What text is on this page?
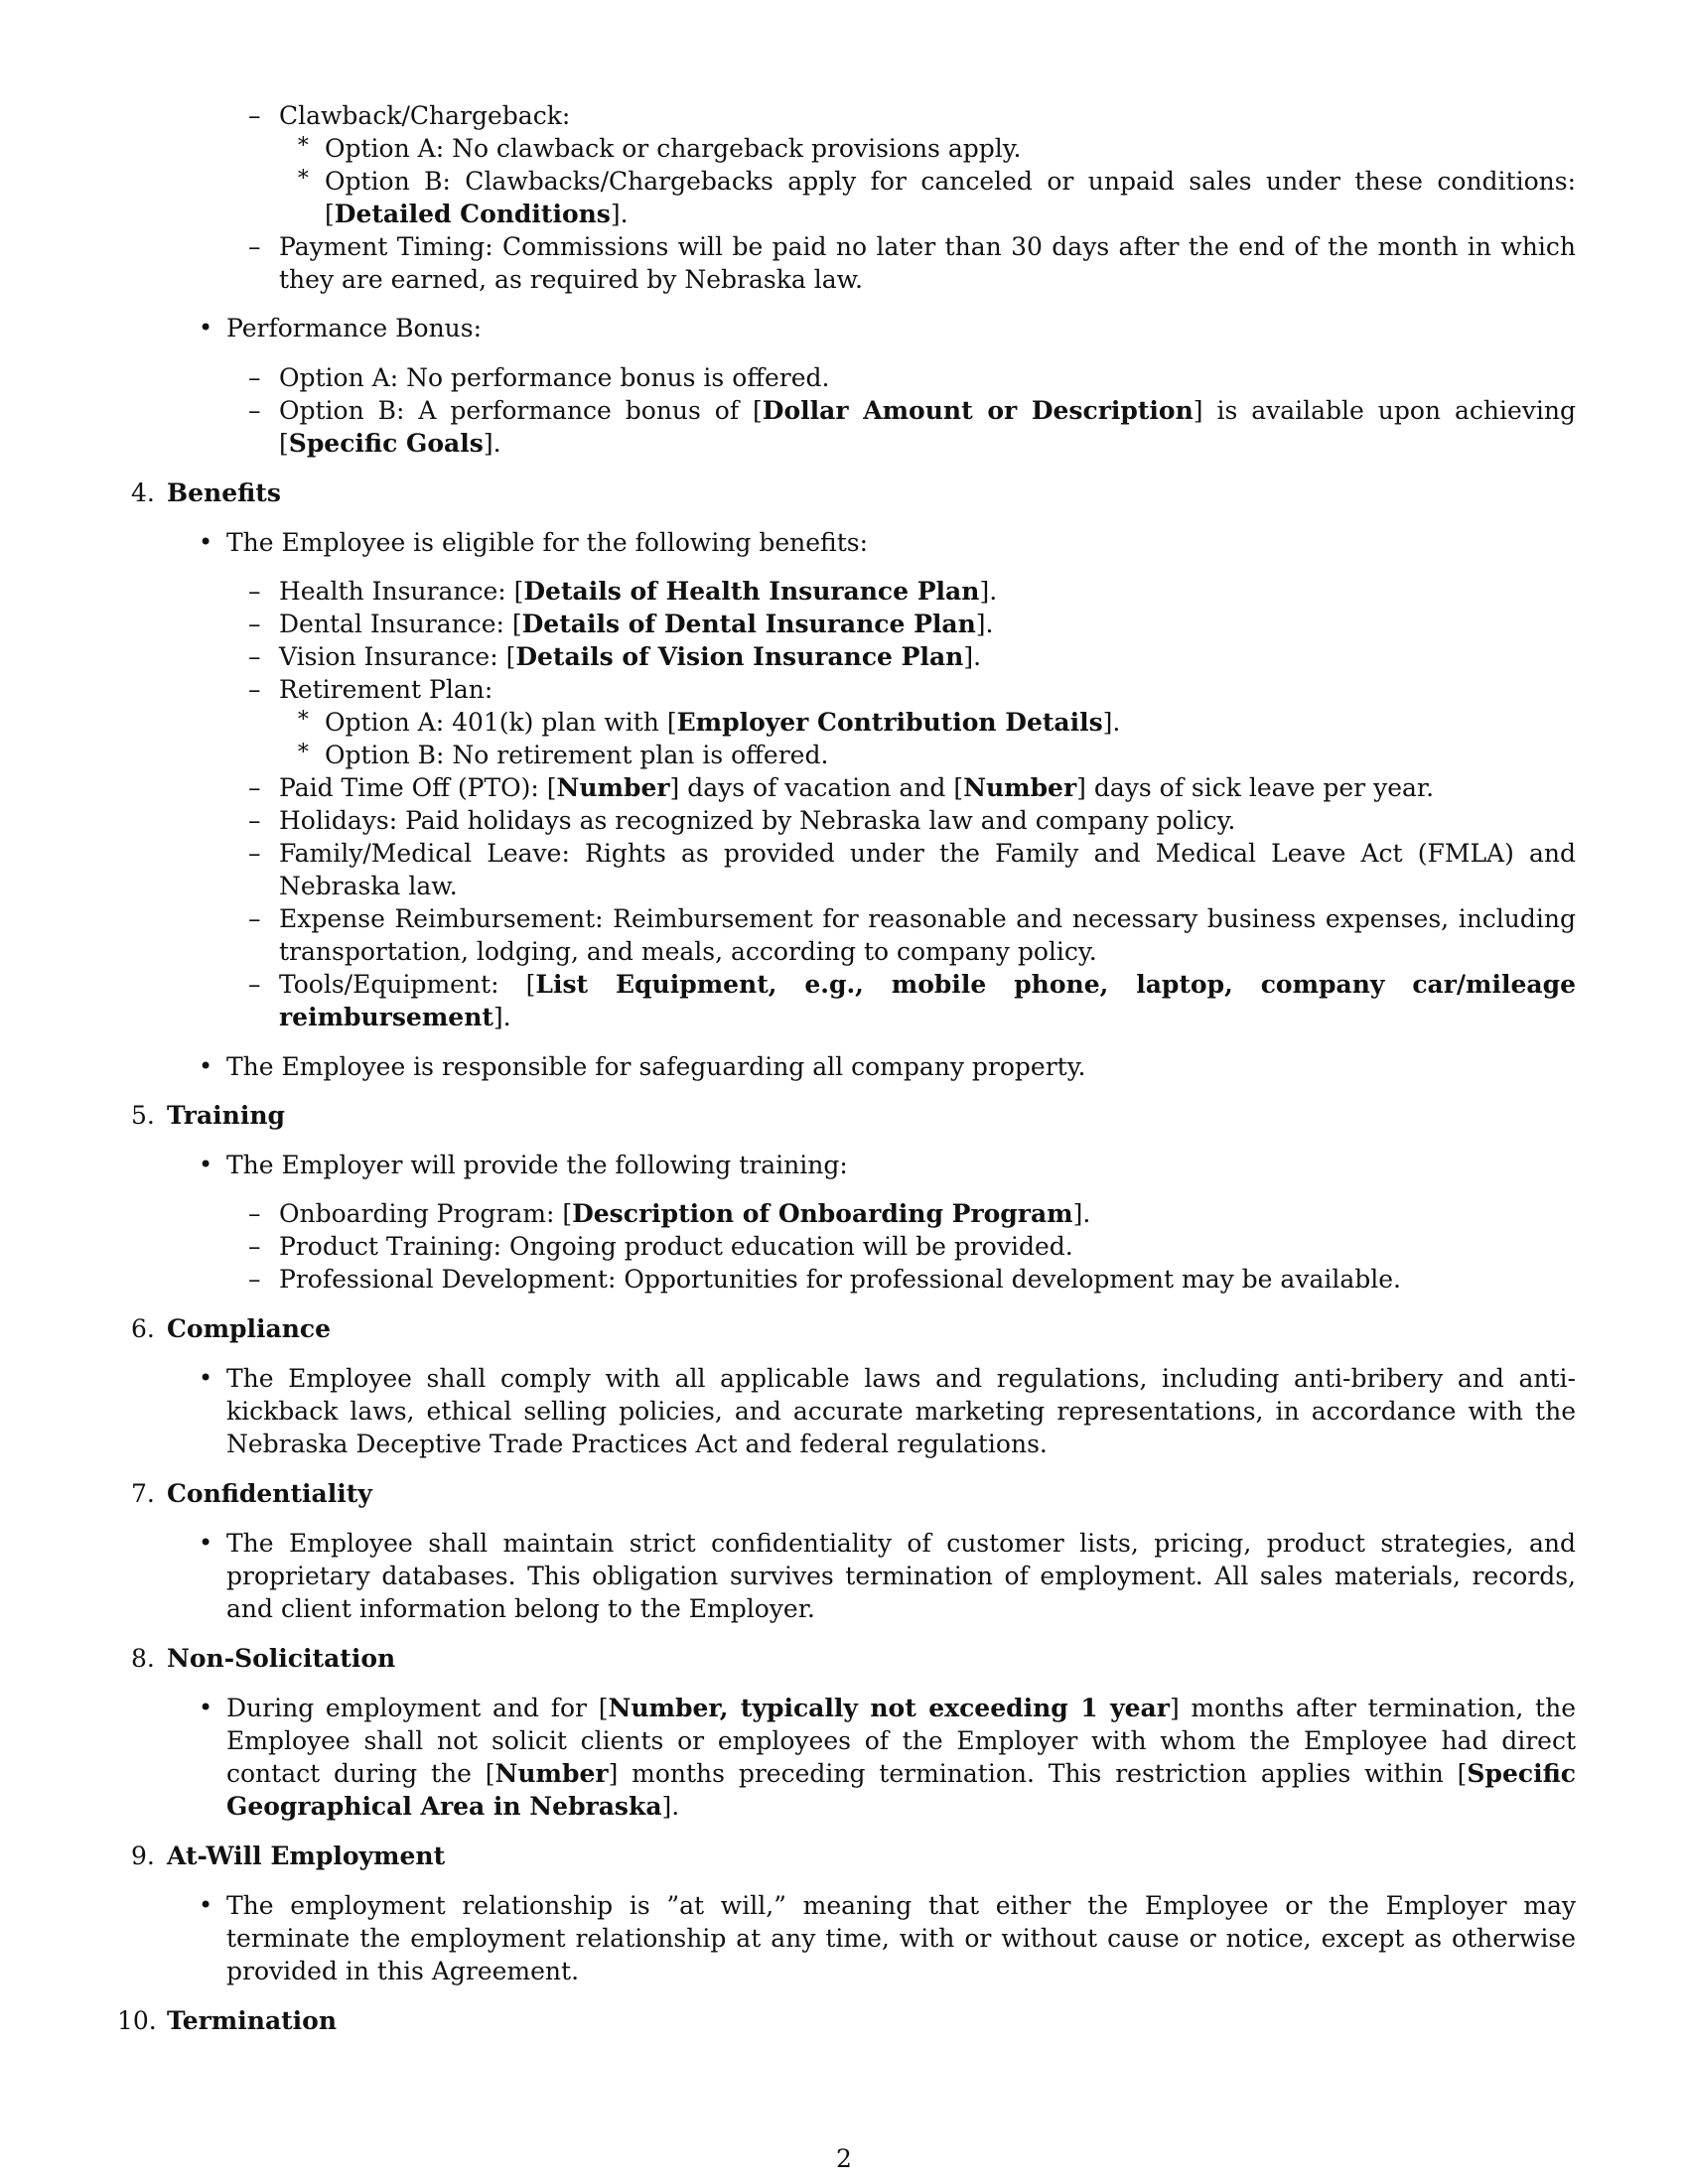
– Clawback/Chargeback:
∗ Option A: No clawback or chargeback provisions apply.
∗ Option B: Clawbacks/Chargebacks apply for canceled or unpaid sales under these conditions: [Detailed Conditions].
– Payment Timing: Commissions will be paid no later than 30 days after the end of the month in which they are earned, as required by Nebraska law.
• Performance Bonus:
– Option A: No performance bonus is offered.
– Option B: A performance bonus of [Dollar Amount or Description] is available upon achieving [Specific Goals].
4. Benefits
• The Employee is eligible for the following benefits:
– Health Insurance: [Details of Health Insurance Plan].
– Dental Insurance: [Details of Dental Insurance Plan].
– Vision Insurance: [Details of Vision Insurance Plan].
– Retirement Plan:
∗ Option A: 401(k) plan with [Employer Contribution Details].
∗ Option B: No retirement plan is offered.
– Paid Time Off (PTO): [Number] days of vacation and [Number] days of sick leave per year.
– Holidays: Paid holidays as recognized by Nebraska law and company policy.
– Family/Medical Leave: Rights as provided under the Family and Medical Leave Act (FMLA) and Nebraska law.
– Expense Reimbursement: Reimbursement for reasonable and necessary business expenses, including transportation, lodging, and meals, according to company policy.
– Tools/Equipment: [List Equipment, e.g., mobile phone, laptop, company car/mileage reimbursement].
• The Employee is responsible for safeguarding all company property.
5. Training
• The Employer will provide the following training:
– Onboarding Program: [Description of Onboarding Program].
– Product Training: Ongoing product education will be provided.
– Professional Development: Opportunities for professional development may be available.
6. Compliance
• The Employee shall comply with all applicable laws and regulations, including anti-bribery and anti-kickback laws, ethical selling policies, and accurate marketing representations, in accordance with the Nebraska Deceptive Trade Practices Act and federal regulations.
7. Confidentiality
• The Employee shall maintain strict confidentiality of customer lists, pricing, product strategies, and proprietary databases. This obligation survives termination of employment. All sales materials, records, and client information belong to the Employer.
8. Non-Solicitation
• During employment and for [Number, typically not exceeding 1 year] months after termination, the Employee shall not solicit clients or employees of the Employer with whom the Employee had direct contact during the [Number] months preceding termination. This restriction applies within [Specific Geographical Area in Nebraska].
9. At-Will Employment
• The employment relationship is ”at will,” meaning that either the Employee or the Employer may terminate the employment relationship at any time, with or without cause or notice, except as otherwise provided in this Agreement.
10. Termination
2
